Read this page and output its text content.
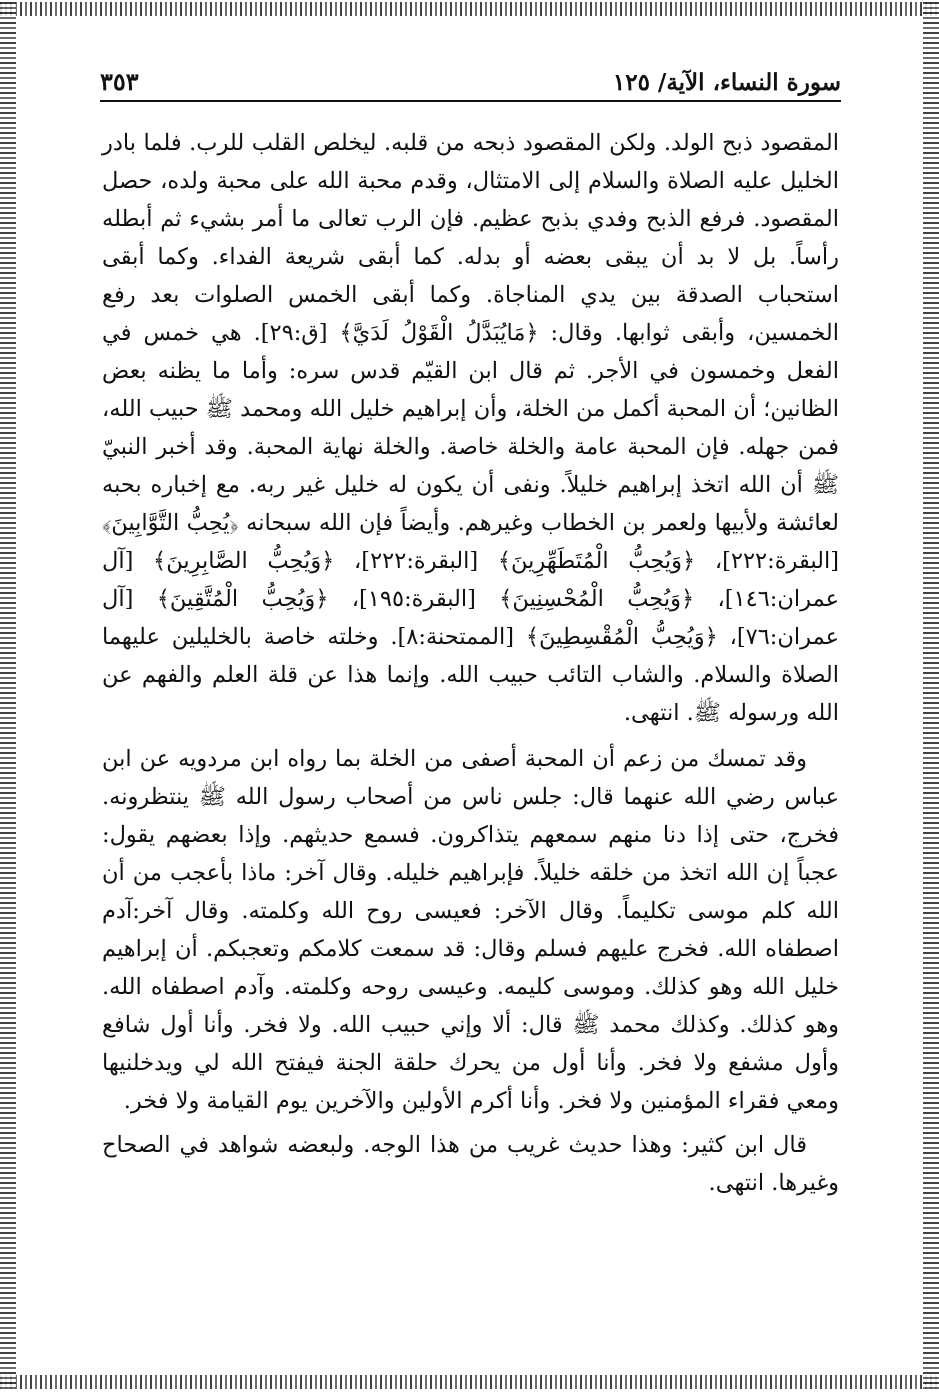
سورة النساء، الآية/ ١٢٥
٣٥٣

المقصود ذبح الولد. ولكن المقصود ذبحه من قلبه. ليخلص القلب للرب. فلما بادر الخليل عليه الصلاة والسلام إلى الامتثال، وقدم محبة الله على محبة ولده، حصل المقصود. فرفع الذبح وفدي بذبح عظيم. فإن الرب تعالى ما أمر بشيء ثم أبطله رأساً. بل لا بد أن يبقى بعضه أو بدله. كما أبقى شريعة الفداء. وكما أبقى استحباب الصدقة بين يدي المناجاة. وكما أبقى الخمس الصلوات بعد رفع الخمسين، وأبقى ثوابها. وقال: ﴿مَايُبَدَّلُ الْقَوْلُ لَدَيَّ﴾ [ق:٢٩]. هي خمس في الفعل وخمسون في الأجر. ثم قال ابن القيّم قدس سره: وأما ما يظنه بعض الظانين؛ أن المحبة أكمل من الخلة، وأن إبراهيم خليل الله ومحمد ﷺ حبيب الله، فمن جهله. فإن المحبة عامة والخلة خاصة. والخلة نهاية المحبة. وقد أخبر النبيّ ﷺ أن الله اتخذ إبراهيم خليلاً. ونفى أن يكون له خليل غير ربه. مع إخباره بحبه لعائشة ولأبيها ولعمر بن الخطاب وغيرهم. وأيضاً فإن الله سبحانه ﴿يُحِبُّ التَّوَّابِينَ﴾ [البقرة:٢٢٢]، ﴿وَيُحِبُّ الْمُتَطَهِّرِينَ﴾ [البقرة:٢٢٢]، ﴿وَيُحِبُّ الصَّابِرِينَ﴾ [آل عمران:١٤٦]، ﴿وَيُحِبُّ الْمُحْسِنِينَ﴾ [البقرة:١٩٥]، ﴿وَيُحِبُّ الْمُتَّقِينَ﴾ [آل عمران:٧٦]، ﴿وَيُحِبُّ الْمُقْسِطِينَ﴾ [الممتحنة:٨]. وخلته خاصة بالخليلين عليهما الصلاة والسلام. والشاب التائب حبيب الله. وإنما هذا عن قلة العلم والفهم عن الله ورسوله ﷺ. انتهى.

وقد تمسك من زعم أن المحبة أصفى من الخلة بما رواه ابن مردويه عن ابن عباس رضي الله عنهما قال: جلس ناس من أصحاب رسول الله ﷺ ينتظرونه. فخرج، حتى إذا دنا منهم سمعهم يتذاكرون. فسمع حديثهم. وإذا بعضهم يقول: عجباً إن الله اتخذ من خلقه خليلاً. فإبراهيم خليله. وقال آخر: ماذا بأعجب من أن الله كلم موسى تكليماً. وقال الآخر: فعيسى روح الله وكلمته. وقال آخر:آدم اصطفاه الله. فخرج عليهم فسلم وقال: قد سمعت كلامكم وتعجبكم. أن إبراهيم خليل الله وهو كذلك. وموسى كليمه. وعيسى روحه وكلمته. وآدم اصطفاه الله. وهو كذلك. وكذلك محمد ﷺ قال: ألا وإني حبيب الله. ولا فخر. وأنا أول شافع وأول مشفع ولا فخر. وأنا أول من يحرك حلقة الجنة فيفتح الله لي ويدخلنيها ومعي فقراء المؤمنين ولا فخر. وأنا أكرم الأولين والآخرين يوم القيامة ولا فخر.

قال ابن كثير: وهذا حديث غريب من هذا الوجه. ولبعضه شواهد في الصحاح وغيرها. انتهى.
